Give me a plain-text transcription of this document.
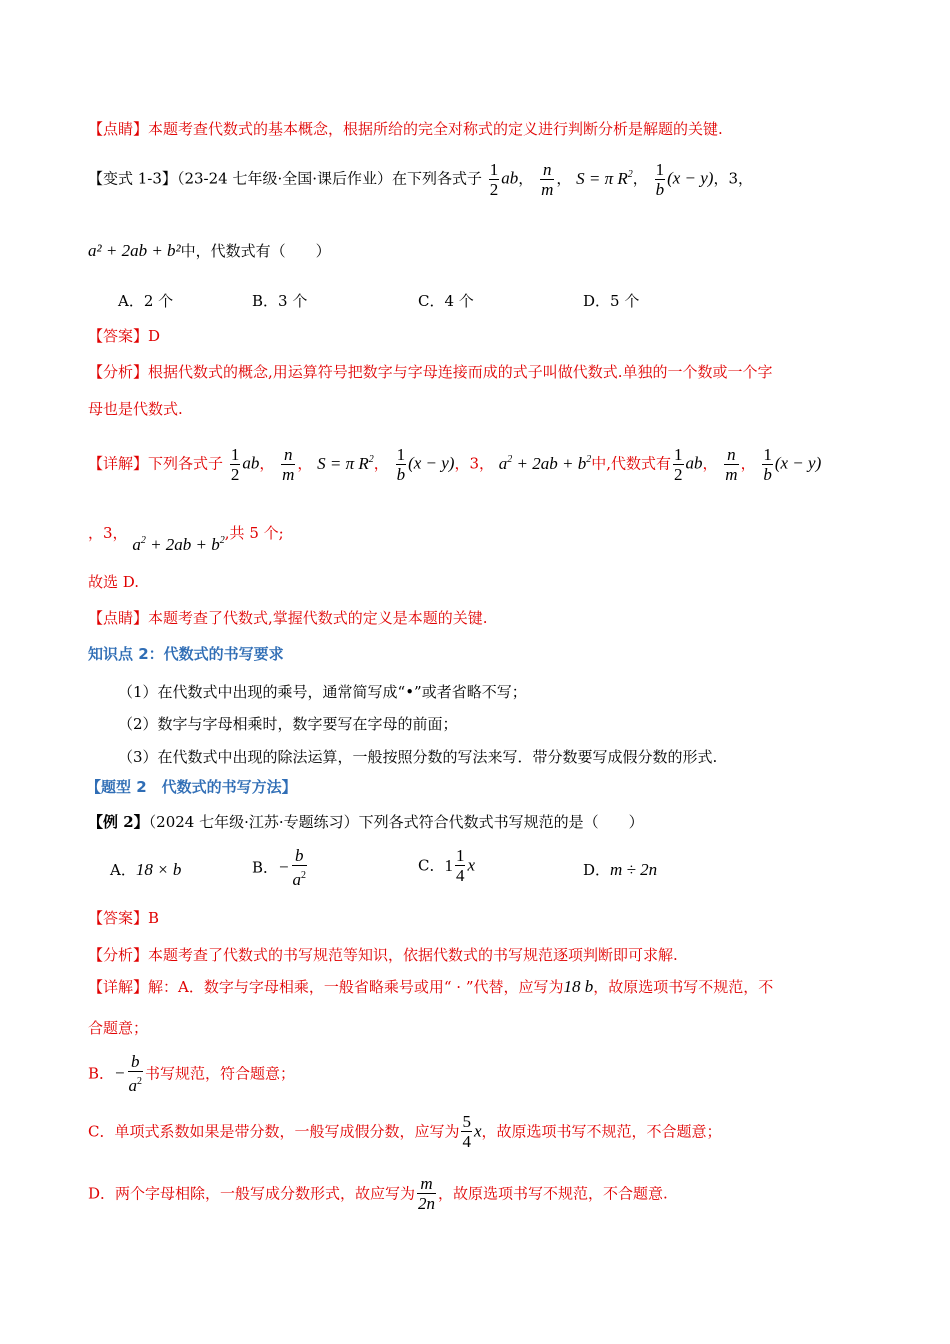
【点睛】本题考查代数式的基本概念，根据所给的完全对称式的定义进行判断分析是解题的关键.
【变式 1-3】（23-24 七年级·全国·课后作业）在下列各式子 $\frac{1}{2}$ ab， $\frac{n}{m}$ ， S = π $R^2$， $\frac{1}{b} (x - y)$，3，
a² + 2ab + b²中，代数式有（　　）
A．2 个	B．3 个	C．4 个	D．5 个
【答案】D
【分析】根据代数式的概念,用运算符号把数字与字母连接而成的式子叫做代数式.单独的一个数或一个字
母也是代数式.
【详解】下列各式子 $\frac{1}{2}$ ab， $\frac{n}{m}$ ， S = π $R^2$， $\frac{1}{b} (x - y)$，3， $a^2 + 2ab + b^2$中,代数式有 $\frac{1}{2}$ ab， $\frac{n}{m}$ ， $\frac{1}{b} (x - y)$
，3， $a^2 + 2ab + b^2$,共 5 个;
故选 D.
【点睛】本题考查了代数式,掌握代数式的定义是本题的关键.
知识点 2：代数式的书写要求
（1）在代数式中出现的乘号，通常简写成“•”或者省略不写；
（2）数字与字母相乘时，数字要写在字母的前面；
（3）在代数式中出现的除法运算，一般按照分数的写法来写．带分数要写成假分数的形式.
【题型 2　代数式的书写方法】
【例 2】（2024 七年级·江苏·专题练习）下列各式符合代数式书写规范的是（　　）
A．18 × b	B．− $\frac{b}{a^2}$	C．$1 \frac{1}{4}$ x	D．m ÷ 2n
【答案】B
【分析】本题考查了代数式的书写规范等知识，依据代数式的书写规范逐项判断即可求解.
【详解】解：A．数字与字母相乘，一般省略乘号或用“ · ”代替，应写为18 b，故原选项书写不规范，不
合题意；
B．− $\frac{b}{a^2}$ 书写规范，符合题意；
C．单项式系数如果是带分数，一般写成假分数，应写为 $\frac{5}{4}$ x，故原选项书写不规范，不合题意；
D．两个字母相除，一般写成分数形式，故应写为 $\frac{m}{2n}$ ，故原选项书写不规范，不合题意.
